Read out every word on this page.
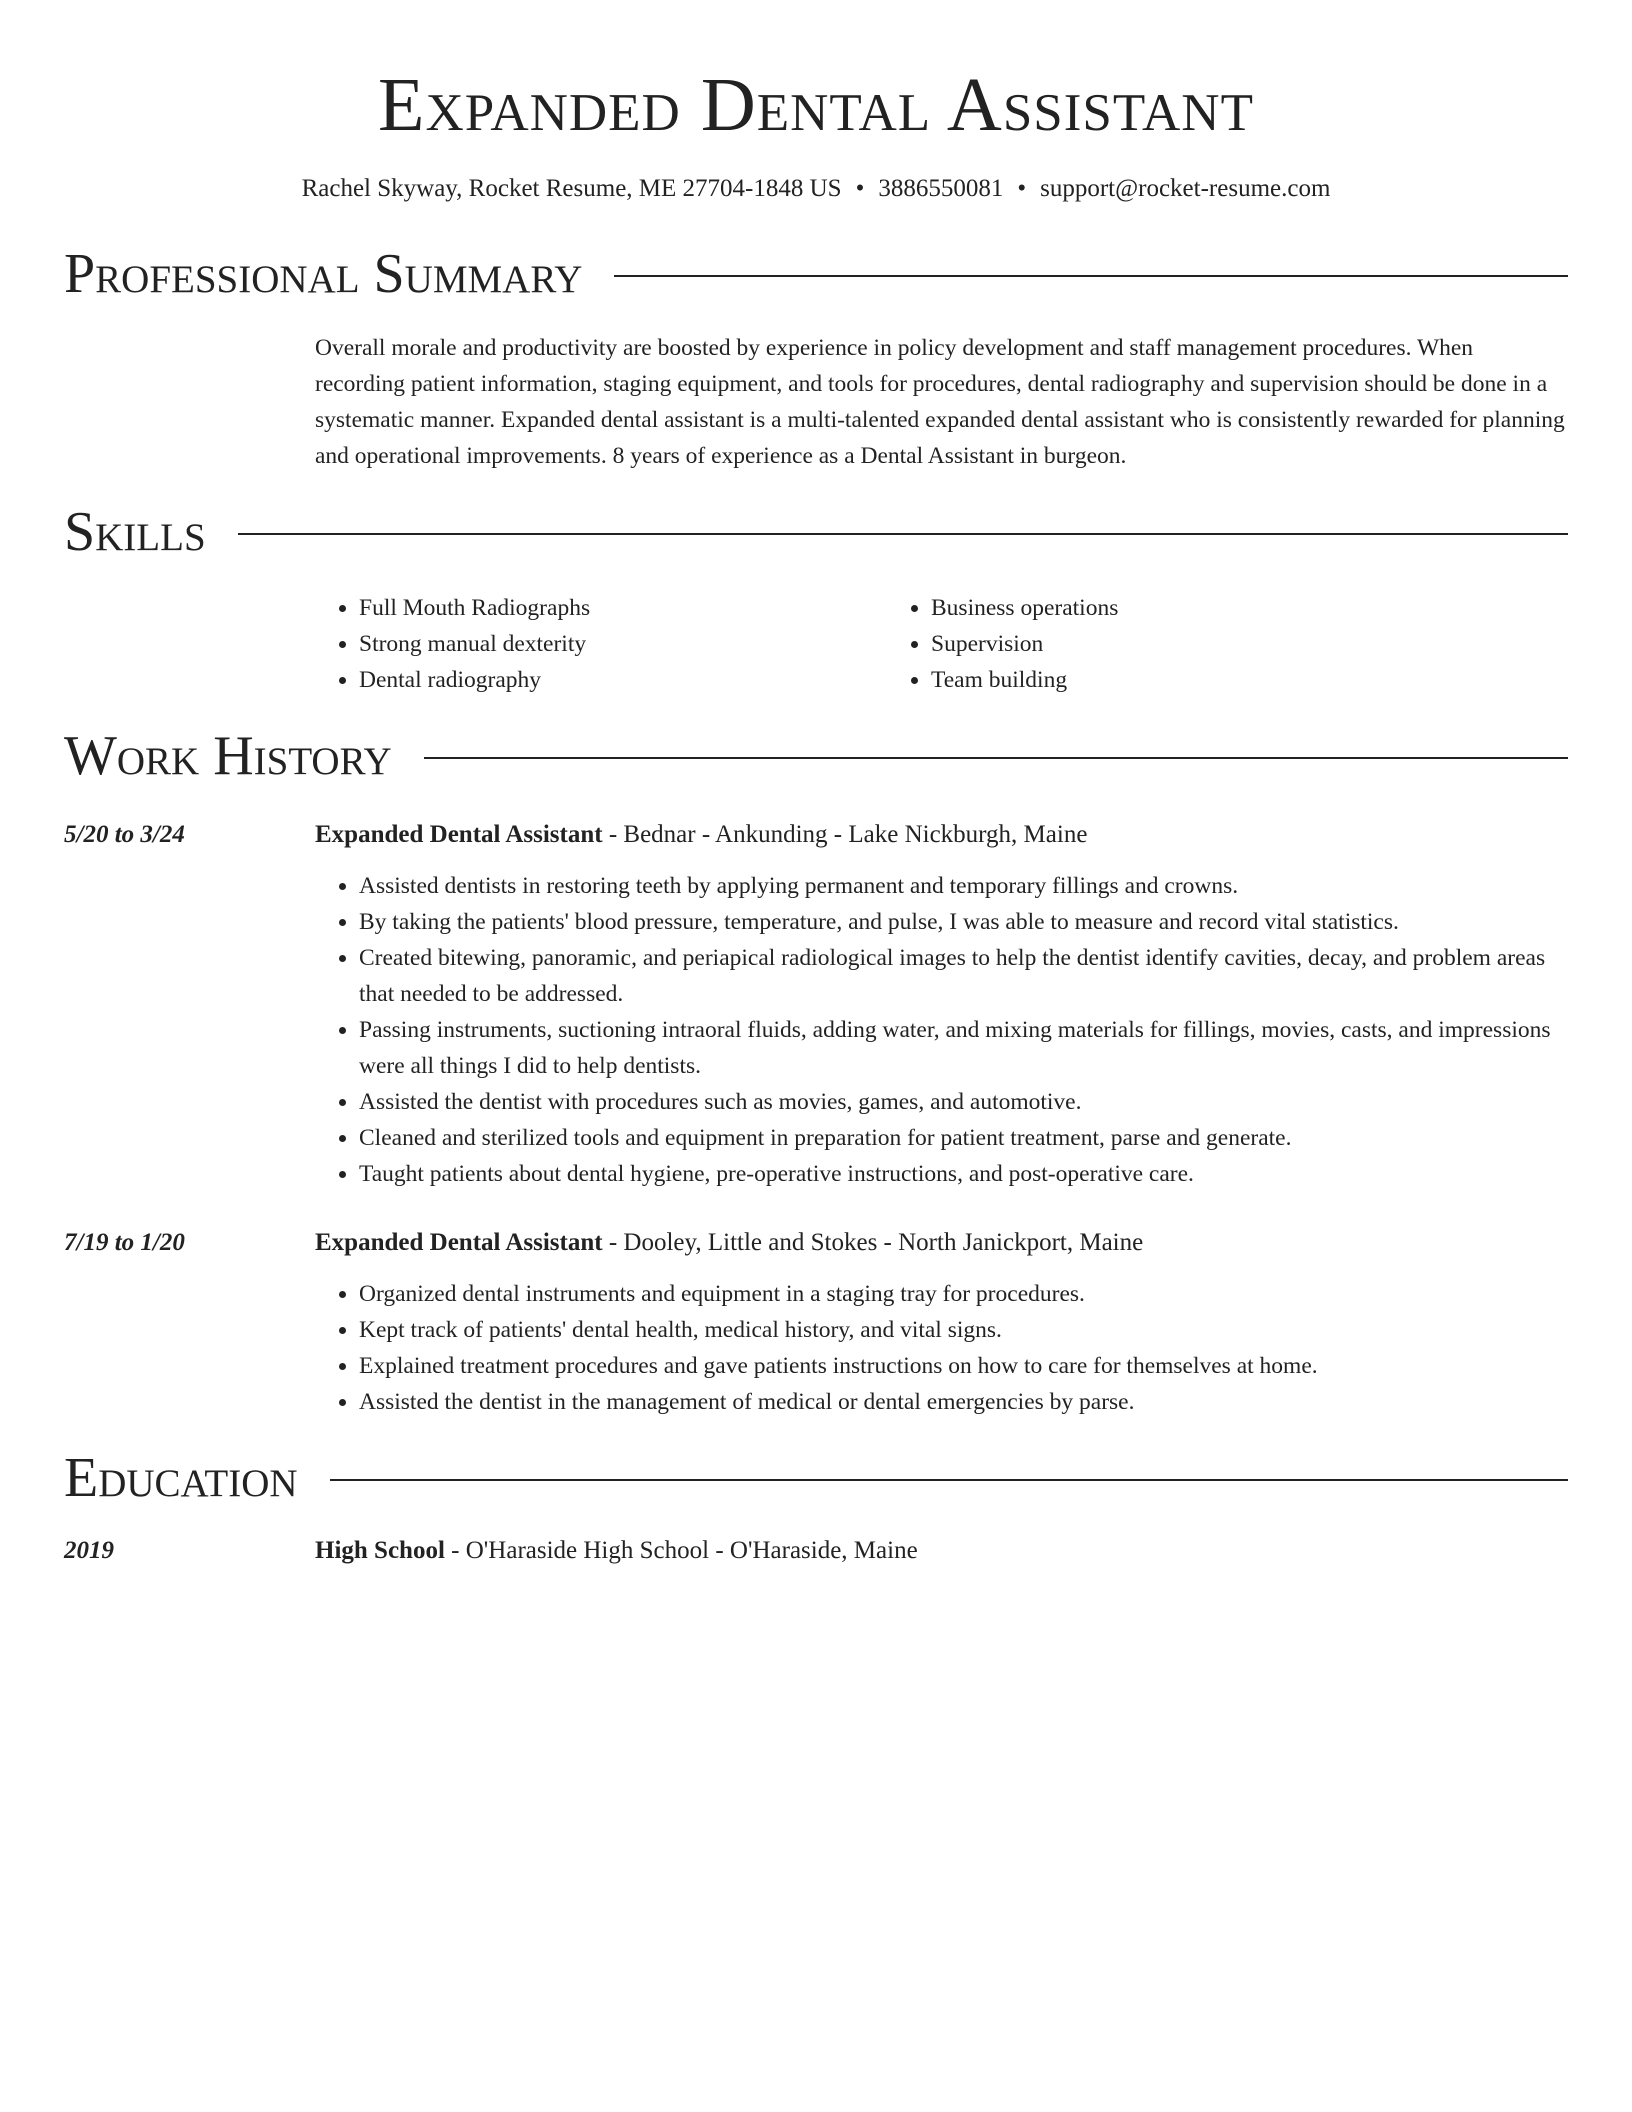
Expanded Dental Assistant
Rachel Skyway, Rocket Resume, ME 27704-1848 US • 3886550081 • support@rocket-resume.com
Professional Summary
Overall morale and productivity are boosted by experience in policy development and staff management procedures. When recording patient information, staging equipment, and tools for procedures, dental radiography and supervision should be done in a systematic manner. Expanded dental assistant is a multi-talented expanded dental assistant who is consistently rewarded for planning and operational improvements. 8 years of experience as a Dental Assistant in burgeon.
Skills
• Full Mouth Radiographs
• Strong manual dexterity
• Dental radiography
• Business operations
• Supervision
• Team building
Work History
5/20 to 3/24	Expanded Dental Assistant - Bednar - Ankunding - Lake Nickburgh, Maine
• Assisted dentists in restoring teeth by applying permanent and temporary fillings and crowns.
• By taking the patients' blood pressure, temperature, and pulse, I was able to measure and record vital statistics.
• Created bitewing, panoramic, and periapical radiological images to help the dentist identify cavities, decay, and problem areas that needed to be addressed.
• Passing instruments, suctioning intraoral fluids, adding water, and mixing materials for fillings, movies, casts, and impressions were all things I did to help dentists.
• Assisted the dentist with procedures such as movies, games, and automotive.
• Cleaned and sterilized tools and equipment in preparation for patient treatment, parse and generate.
• Taught patients about dental hygiene, pre-operative instructions, and post-operative care.
7/19 to 1/20	Expanded Dental Assistant - Dooley, Little and Stokes - North Janickport, Maine
• Organized dental instruments and equipment in a staging tray for procedures.
• Kept track of patients' dental health, medical history, and vital signs.
• Explained treatment procedures and gave patients instructions on how to care for themselves at home.
• Assisted the dentist in the management of medical or dental emergencies by parse.
Education
2019	High School - O'Haraside High School - O'Haraside, Maine
